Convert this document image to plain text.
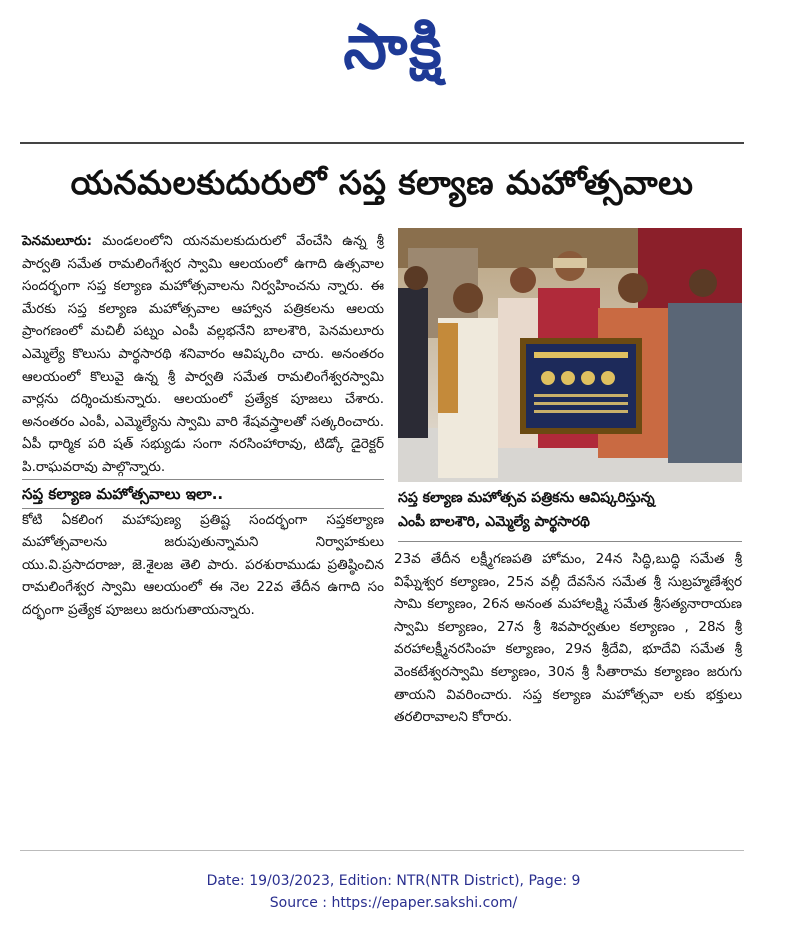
సాక్షి
యనమలకుదురులో సప్త కల్యాణ మహోత్సవాలు

పెనమలూరు: మండలంలోని యనమలకుదురులో వేంచేసి ఉన్న శ్రీ పార్వతి సమేత రామలింగేశ్వర స్వామి ఆలయంలో ఉగాది ఉత్సవాల సందర్భంగా సప్త కల్యాణ మహోత్సవాలను నిర్వహించను న్నారు. ఈ మేరకు సప్త కల్యాణ మహోత్సవాల ఆహ్వాన పత్రికలను ఆలయ ప్రాంగణంలో మచిలీ పట్నం ఎంపీ వల్లభనేని బాలశౌరి, పెనమలూరు ఎమ్మెల్యే కొలుసు పార్థసారథి శనివారం ఆవిష్కరిం చారు. అనంతరం ఆలయంలో కొలువై ఉన్న శ్రీ పార్వతి సమేత రామలింగేశ్వరస్వామి వార్లను దర్శించుకున్నారు. ఆలయంలో ప్రత్యేక పూజలు చేశారు. అనంతరం ఎంపీ, ఎమ్మెల్యేను స్వామి వారి శేషవస్త్రాలతో సత్కరించారు. ఏపీ ధార్మిక పరి షత్ సభ్యుడు సంగా నరసింహారావు, టిడ్కో డైరెక్టర్ పి.రాఘవరావు పాల్గొన్నారు.

సప్త కల్యాణ మహోత్సవాలు ఇలా..

కోటి ఏకలింగ మహాపుణ్య ప్రతిష్ట సందర్భంగా సప్తకల్యాణ మహోత్సవాలను జరుపుతున్నామని నిర్వాహకులు యు.వి.ప్రసాదరాజు, జె.శైలజ తెలి పారు. పరశురాముడు ప్రతిష్ఠించిన రామలింగేశ్వర స్వామి ఆలయంలో ఈ నెల 22వ తేదీన ఉగాది సం దర్భంగా ప్రత్యేక పూజలు జరుగుతాయన్నారు.

సప్త కల్యాణ మహోత్సవ పత్రికను ఆవిష్కరిస్తున్న
ఎంపీ బాలశౌరి, ఎమ్మెల్యే పార్థసారథి

23వ తేదీన లక్ష్మీగణపతి హోమం, 24న సిద్ధి,బుద్ధి సమేత శ్రీ విఘ్నేశ్వర కల్యాణం, 25న వల్లీ దేవసేన సమేత శ్రీ సుబ్రహ్మణేశ్వర సామి కల్యాణం, 26న అనంత మహాలక్ష్మి సమేత శ్రీసత్యనారాయణ స్వామి కల్యాణం, 27న శ్రీ శివపార్వతుల కల్యాణం , 28న శ్రీ వరహాలక్ష్మీనరసింహ కల్యాణం, 29న శ్రీదేవి, భూదేవి సమేత శ్రీ వెంకటేశ్వరస్వామి కల్యాణం, 30న శ్రీ సీతారామ కల్యాణం జరుగు తాయని వివరించారు. సప్త కల్యాణ మహోత్సవా లకు భక్తులు తరలిరావాలని కోరారు.

Date: 19/03/2023, Edition: NTR(NTR District), Page: 9
Source : https://epaper.sakshi.com/
